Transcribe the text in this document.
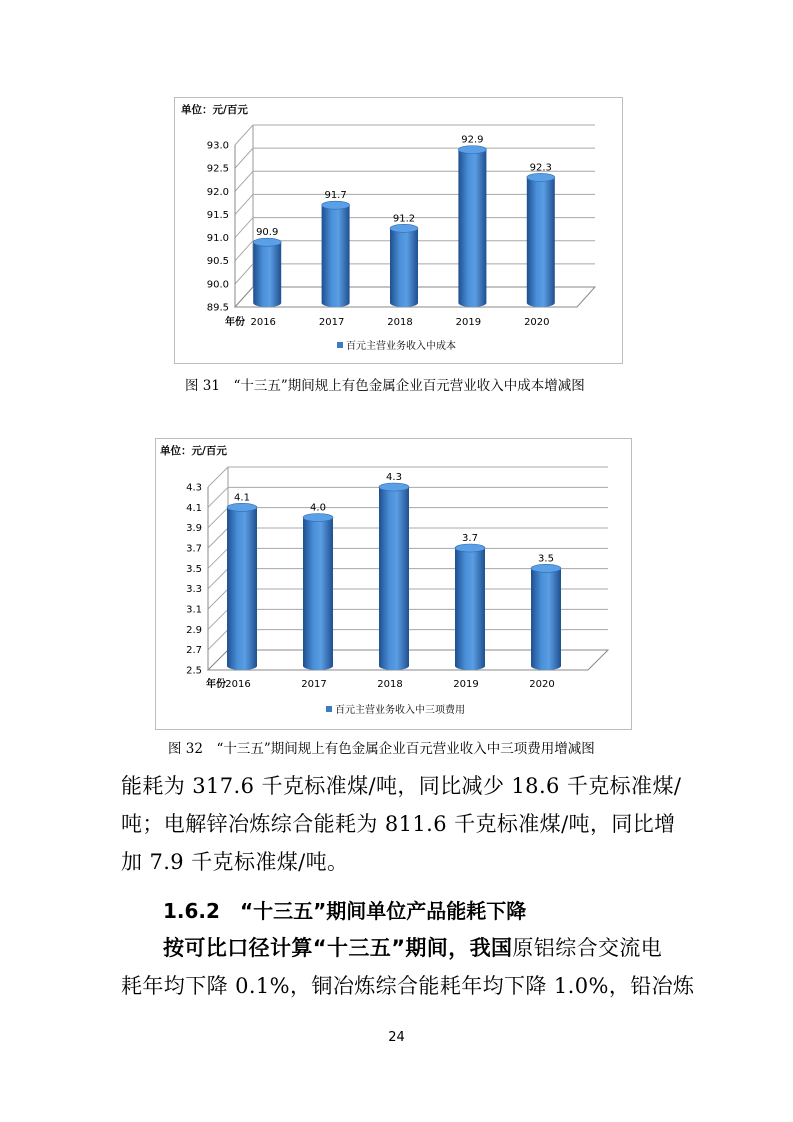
89.5
90.0
90.5
91.0
91.5
92.0
92.5
93.0
单位：元/百元
年份
90.9
2016
91.7
2017
91.2
2018
92.9
2019
92.3
2020
百元主营业务收入中成本
图 31　“十三五”期间规上有色金属企业百元营业收入中成本增减图
2.5
2.7
2.9
3.1
3.3
3.5
3.7
3.9
4.1
4.3
单位：元/百元
年份
4.1
2016
4.0
2017
4.3
2018
3.7
2019
3.5
2020
百元主营业务收入中三项费用
图 32　“十三五”期间规上有色金属企业百元营业收入中三项费用增减图
能耗为 317.6 千克标准煤/吨，同比减少 18.6 千克标准煤/
吨；电解锌冶炼综合能耗为 811.6 千克标准煤/吨，同比增
加 7.9 千克标准煤/吨。
1.6.2　“十三五”期间单位产品能耗下降
按可比口径计算“十三五”期间，我国原铝综合交流电
耗年均下降 0.1%，铜冶炼综合能耗年均下降 1.0%，铅冶炼
24
